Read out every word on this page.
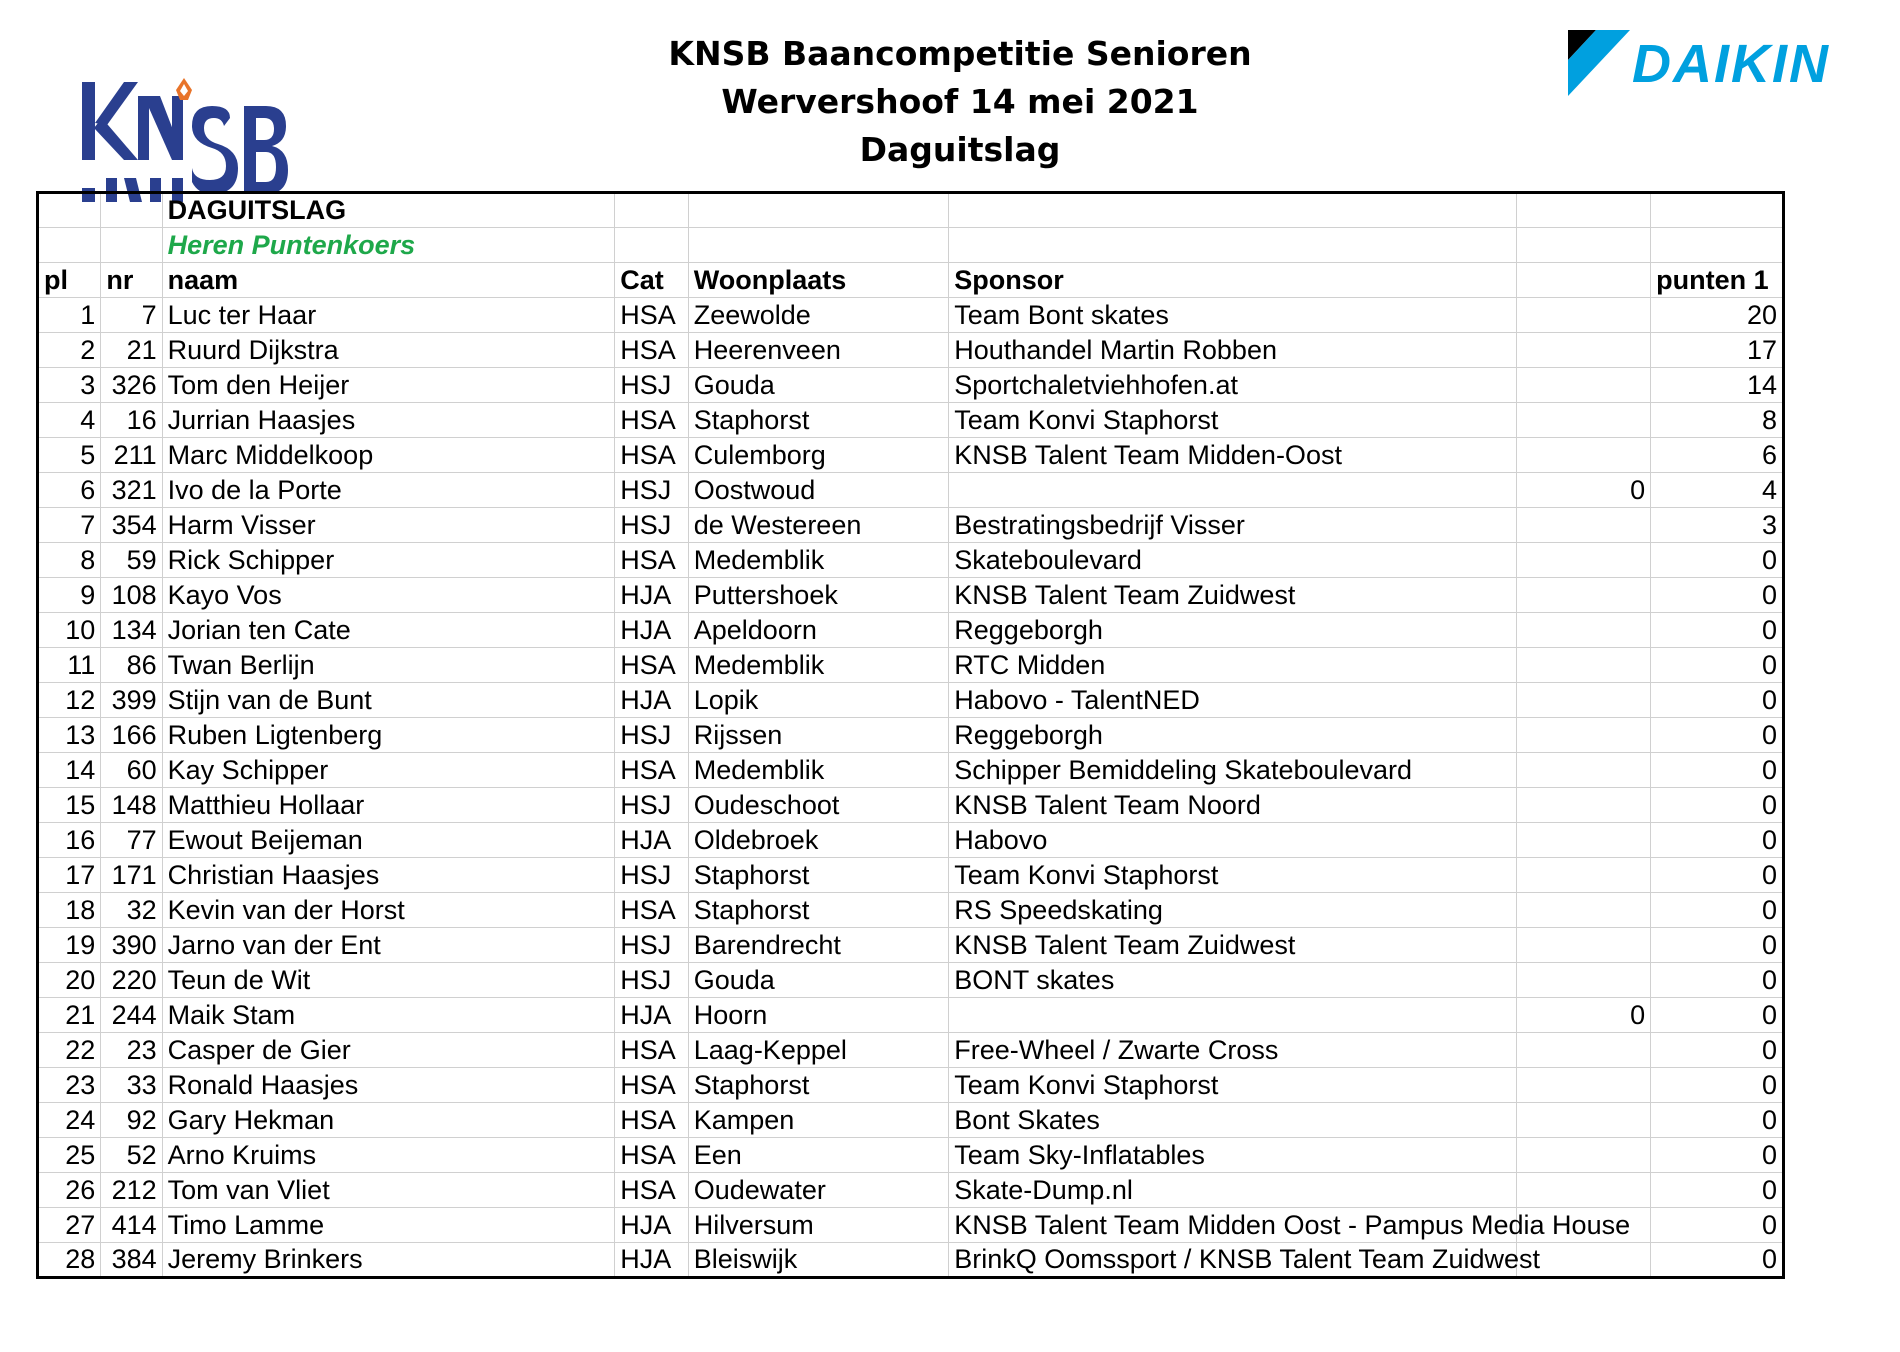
KNSB Baancompetitie Senioren
Wervershoof 14 mei 2021
Daguitslag
DAIKIN
		DAGUITSLAG					
		Heren Puntenkoers					
pl	nr	naam	Cat	Woonplaats	Sponsor		punten 1
1	7	Luc ter Haar	HSA	Zeewolde	Team Bont skates		20
2	21	Ruurd Dijkstra	HSA	Heerenveen	Houthandel Martin Robben		17
3	326	Tom den Heijer	HSJ	Gouda	Sportchaletviehhofen.at		14
4	16	Jurrian Haasjes	HSA	Staphorst	Team Konvi Staphorst		8
5	211	Marc Middelkoop	HSA	Culemborg	KNSB Talent Team Midden-Oost		6
6	321	Ivo de la Porte	HSJ	Oostwoud		0	4
7	354	Harm Visser	HSJ	de Westereen	Bestratingsbedrijf Visser		3
8	59	Rick Schipper	HSA	Medemblik	Skateboulevard		0
9	108	Kayo Vos	HJA	Puttershoek	KNSB Talent Team Zuidwest		0
10	134	Jorian ten Cate	HJA	Apeldoorn	Reggeborgh		0
11	86	Twan Berlijn	HSA	Medemblik	RTC Midden		0
12	399	Stijn van de Bunt	HJA	Lopik	Habovo - TalentNED		0
13	166	Ruben Ligtenberg	HSJ	Rijssen	Reggeborgh		0
14	60	Kay Schipper	HSA	Medemblik	Schipper Bemiddeling Skateboulevard		0
15	148	Matthieu Hollaar	HSJ	Oudeschoot	KNSB Talent Team Noord		0
16	77	Ewout Beijeman	HJA	Oldebroek	Habovo		0
17	171	Christian Haasjes	HSJ	Staphorst	Team Konvi Staphorst		0
18	32	Kevin van der Horst	HSA	Staphorst	RS Speedskating		0
19	390	Jarno van der Ent	HSJ	Barendrecht	KNSB Talent Team Zuidwest		0
20	220	Teun de Wit	HSJ	Gouda	BONT skates		0
21	244	Maik Stam	HJA	Hoorn		0	0
22	23	Casper de Gier	HSA	Laag-Keppel	Free-Wheel / Zwarte Cross		0
23	33	Ronald Haasjes	HSA	Staphorst	Team Konvi Staphorst		0
24	92	Gary Hekman	HSA	Kampen	Bont Skates		0
25	52	Arno Kruims	HSA	Een	Team Sky-Inflatables		0
26	212	Tom van Vliet	HSA	Oudewater	Skate-Dump.nl		0
27	414	Timo Lamme	HJA	Hilversum	KNSB Talent Team Midden Oost - Pampus Media House		0
28	384	Jeremy Brinkers	HJA	Bleiswijk	BrinkQ Oomssport / KNSB Talent Team Zuidwest		0
